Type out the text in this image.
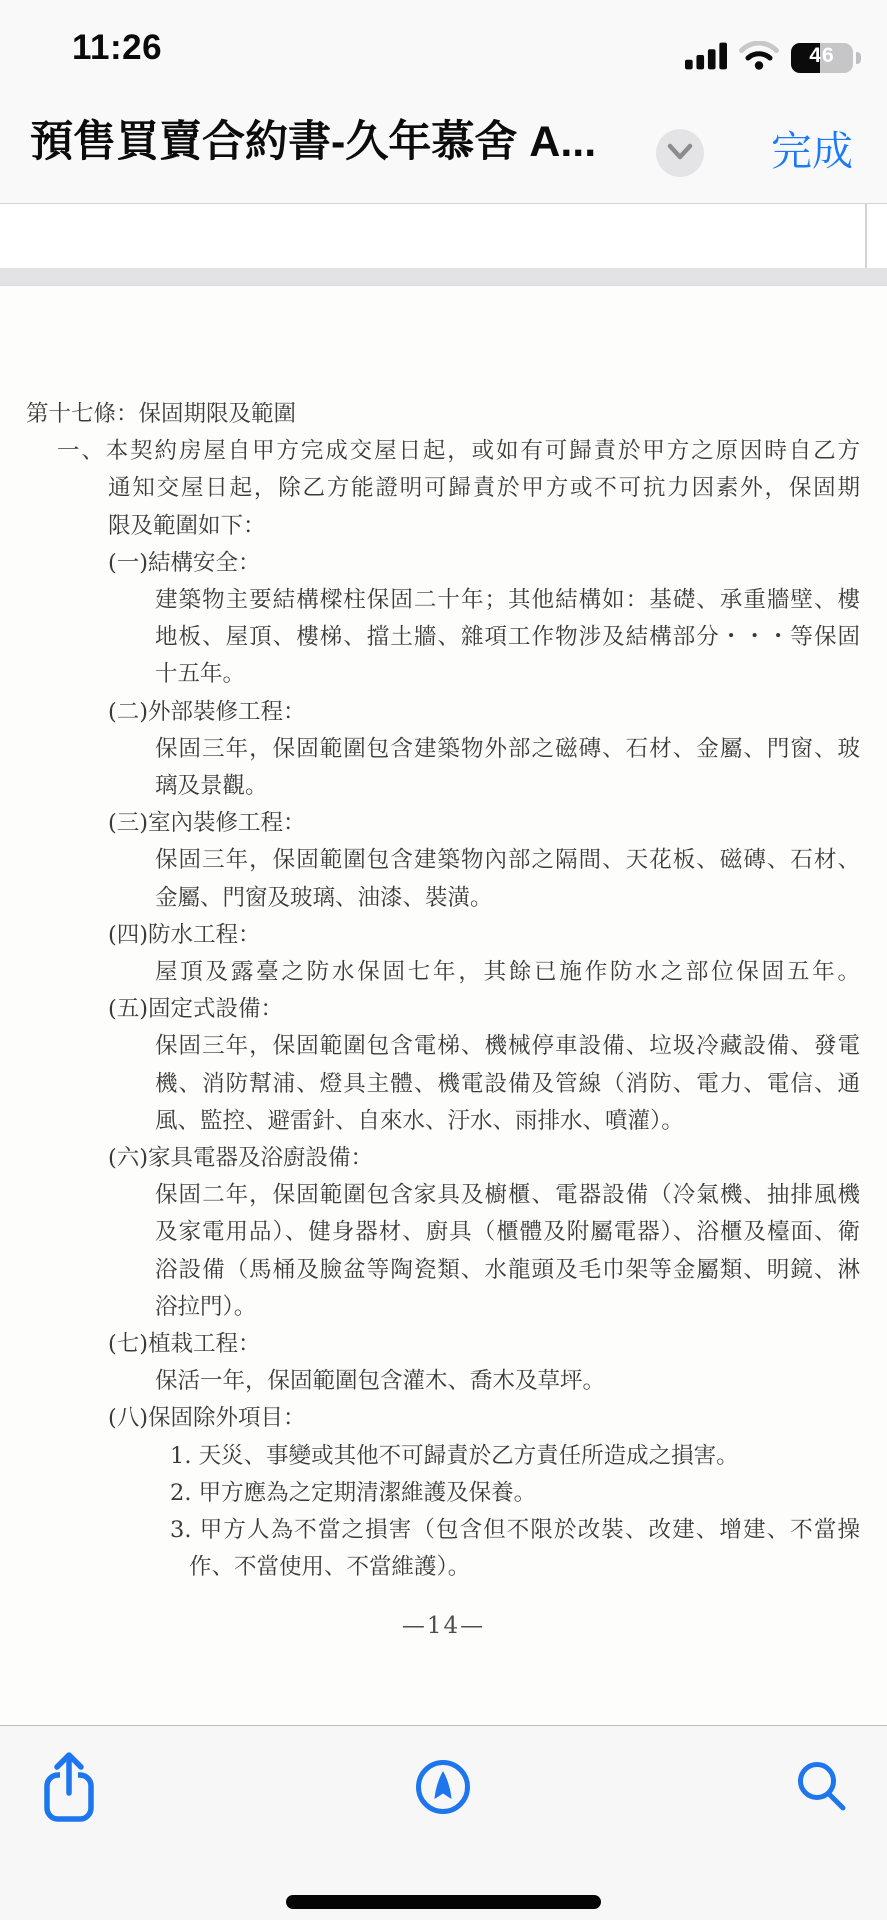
11:26	46
預售買賣合約書-久年慕舍 A...	完成
第十七條：保固期限及範圍
一、本契約房屋自甲方完成交屋日起，或如有可歸責於甲方之原因時自乙方
通知交屋日起，除乙方能證明可歸責於甲方或不可抗力因素外，保固期
限及範圍如下：
(一)結構安全：
建築物主要結構樑柱保固二十年；其他結構如：基礎、承重牆壁、樓
地板、屋頂、樓梯、擋土牆、雜項工作物涉及結構部分・・・等保固
十五年。
(二)外部裝修工程：
保固三年，保固範圍包含建築物外部之磁磚、石材、金屬、門窗、玻
璃及景觀。
(三)室內裝修工程：
保固三年，保固範圍包含建築物內部之隔間、天花板、磁磚、石材、
金屬、門窗及玻璃、油漆、裝潢。
(四)防水工程：
屋頂及露臺之防水保固七年，其餘已施作防水之部位保固五年。
(五)固定式設備：
保固三年，保固範圍包含電梯、機械停車設備、垃圾冷藏設備、發電
機、消防幫浦、燈具主體、機電設備及管線（消防、電力、電信、通
風、監控、避雷針、自來水、汙水、雨排水、噴灌）。
(六)家具電器及浴廚設備：
保固二年，保固範圍包含家具及櫥櫃、電器設備（冷氣機、抽排風機
及家電用品）、健身器材、廚具（櫃體及附屬電器）、浴櫃及檯面、衛
浴設備（馬桶及臉盆等陶瓷類、水龍頭及毛巾架等金屬類、明鏡、淋
浴拉門）。
(七)植栽工程：
保活一年，保固範圍包含灌木、喬木及草坪。
(八)保固除外項目：
1. 天災、事變或其他不可歸責於乙方責任所造成之損害。
2. 甲方應為之定期清潔維護及保養。
3. 甲方人為不當之損害（包含但不限於改裝、改建、增建、不當操
作、不當使用、不當維護）。
—14—
